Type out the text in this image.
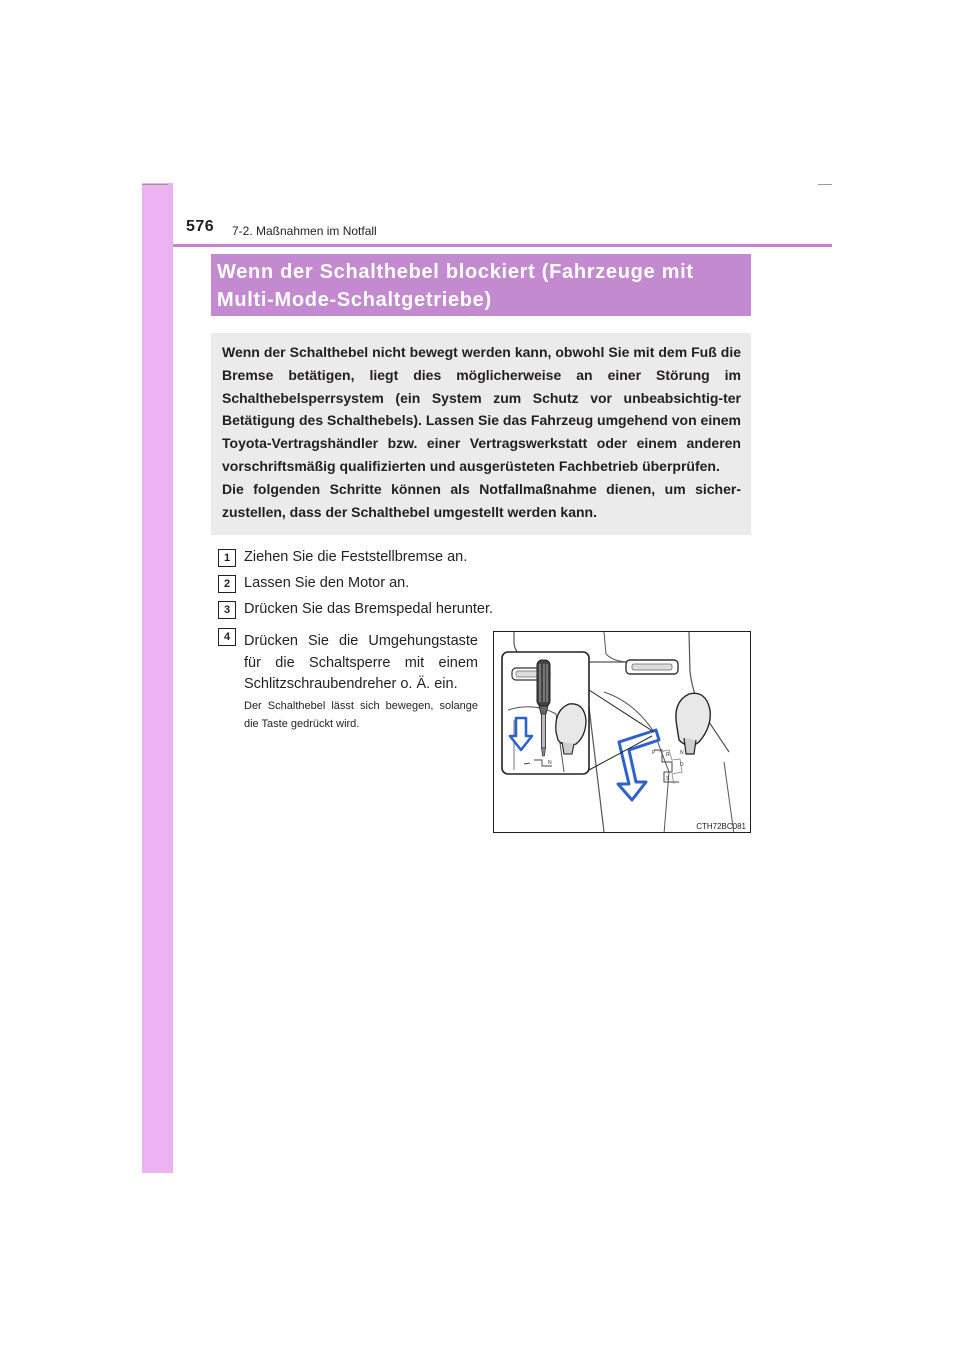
576 7-2. Maßnahmen im Notfall
Wenn der Schalthebel blockiert (Fahrzeuge mit
Multi-Mode-Schaltgetriebe)

Wenn der Schalthebel nicht bewegt werden kann, obwohl Sie mit dem Fuß die Bremse betätigen, liegt dies möglicherweise an einer Störung im Schalthebelsperrsystem (ein System zum Schutz vor unbeabsichtig-ter Betätigung des Schalthebels). Lassen Sie das Fahrzeug umgehend von einem Toyota-Vertragshändler bzw. einer Vertragswerkstatt oder einem anderen vorschriftsmäßig qualifizierten und ausgerüsteten Fachbetrieb überprüfen.

Die folgenden Schritte können als Notfallmaßnahme dienen, um sicher-zustellen, dass der Schalthebel umgestellt werden kann.

1 Ziehen Sie die Feststellbremse an.
2 Lassen Sie den Motor an.
3 Drücken Sie das Bremspedal herunter.
4 Drücken Sie die Umgehungstaste für die Schaltsperre mit einem Schlitzschraubendreher o. Ä. ein.
Der Schalthebel lässt sich bewegen, solange die Taste gedrückt wird.
N
P R N
D
S
CTH72BC081
